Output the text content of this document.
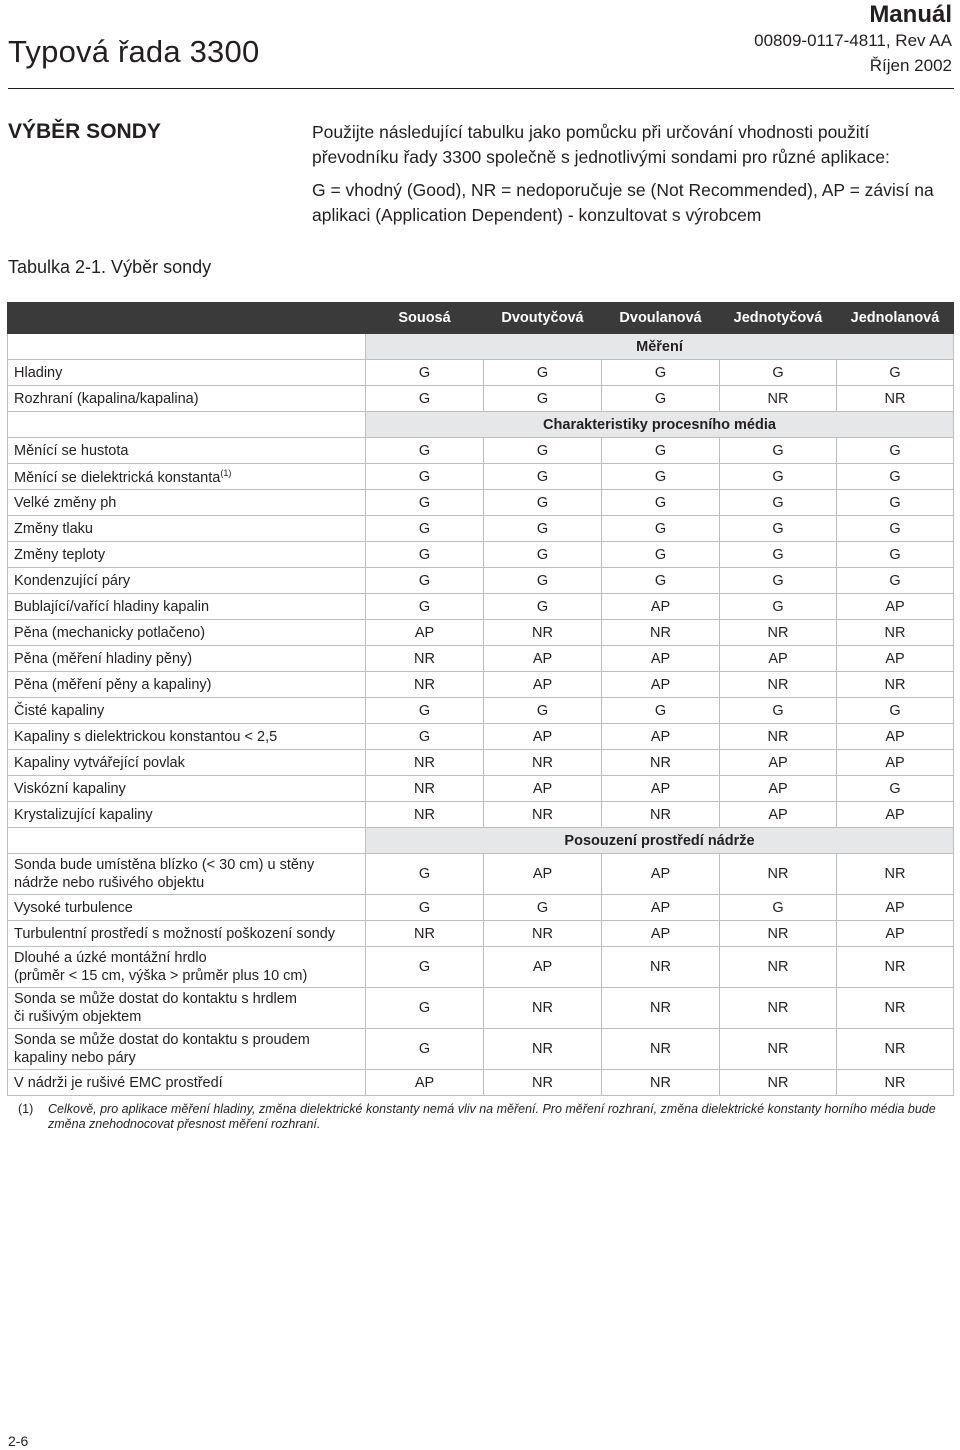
Typová řada 3300
Manuál
00809-0117-4811, Rev AA
Říjen 2002
VÝBĚR SONDY	Použijte následující tabulku jako pomůcku při určování vhodnosti použití převodníku řady 3300 společně s jednotlivými sondami pro různé aplikace:

G = vhodný (Good), NR = nedoporučuje se (Not Recommended), AP = závisí na aplikaci (Application Dependent) - konzultovat s výrobcem

Tabulka 2-1. Výběr sondy
	Souosá	Dvoutyčová	Dvoulanová	Jednotyčová	Jednolanová
	Měření				
Hladiny	G	G	G	G	G
Rozhraní (kapalina/kapalina)	G	G	G	NR	NR
	Charakteristiky procesního média				
Měnící se hustota	G	G	G	G	G
Měnící se dielektrická konstanta$^{(1)}$	G	G	G	G	G
Velké změny ph	G	G	G	G	G
Změny tlaku	G	G	G	G	G
Změny teploty	G	G	G	G	G
Kondenzující páry	G	G	G	G	G
Bublající/vařící hladiny kapalin	G	G	AP	G	AP
Pěna (mechanicky potlačeno)	AP	NR	NR	NR	NR
Pěna (měření hladiny pěny)	NR	AP	AP	AP	AP
Pěna (měření pěny a kapaliny)	NR	AP	AP	NR	NR
Čisté kapaliny	G	G	G	G	G
Kapaliny s dielektrickou konstantou < 2,5	G	AP	AP	NR	AP
Kapaliny vytvářející povlak	NR	NR	NR	AP	AP
Viskózní kapaliny	NR	AP	AP	AP	G
Krystalizující kapaliny	NR	NR	NR	AP	AP
	Posouzení prostředí nádrže				
Sonda bude umístěna blízko (< 30 cm) u stěny
nádrže nebo rušivého objektu	G	AP	AP	NR	NR
Vysoké turbulence	G	G	AP	G	AP
Turbulentní prostředí s možností poškození sondy	NR	NR	AP	NR	AP
Dlouhé a úzké montážní hrdlo
(průměr < 15 cm, výška > průměr plus 10 cm)	G	AP	NR	NR	NR
Sonda se může dostat do kontaktu s hrdlem
či rušivým objektem	G	NR	NR	NR	NR
Sonda se může dostat do kontaktu s proudem
kapaliny nebo páry	G	NR	NR	NR	NR
V nádrži je rušivé EMC prostředí	AP	NR	NR	NR	NR
(1) Celkově, pro aplikace měření hladiny, změna dielektrické konstanty nemá vliv na měření. Pro měření rozhraní, změna dielektrické konstanty horního média bude změna znehodnocovat přesnost měření rozhraní.
2-6
